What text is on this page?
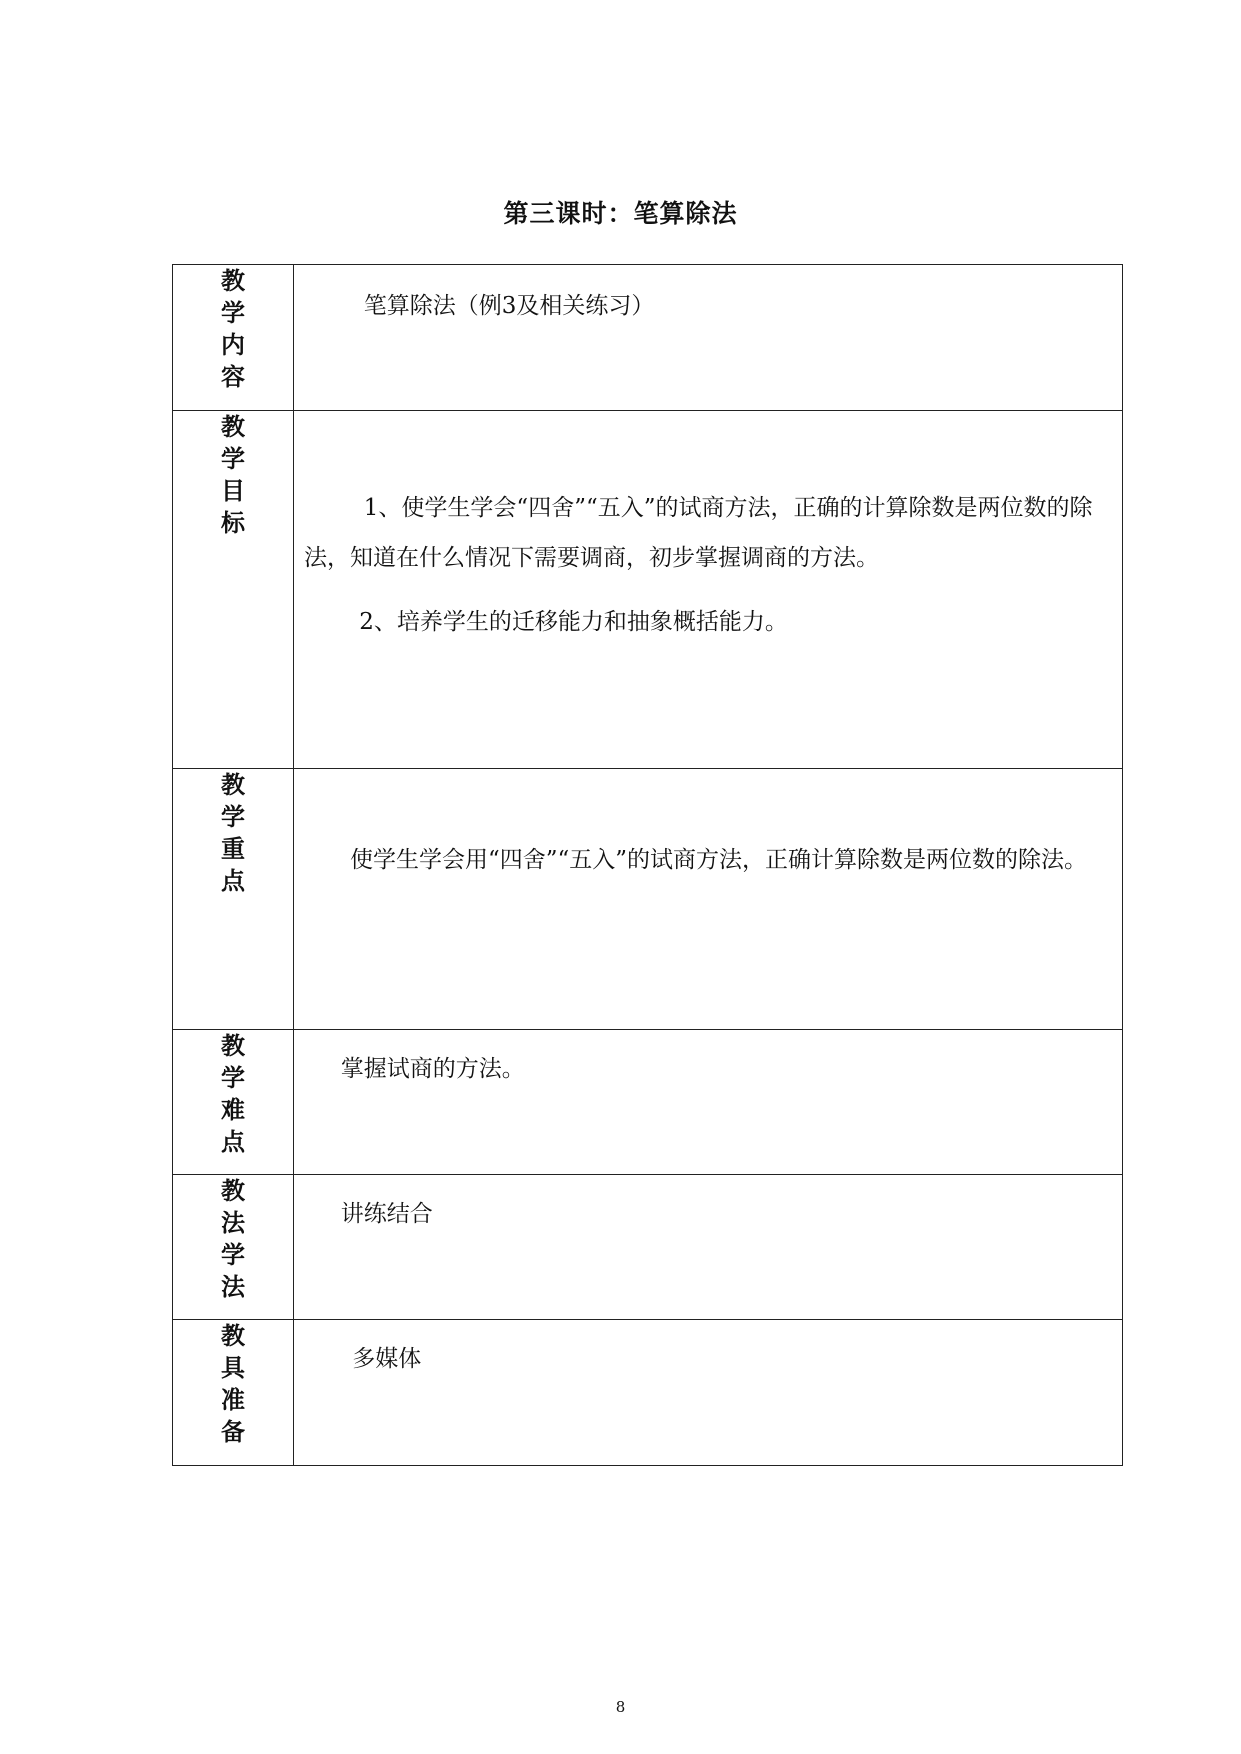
第三课时：笔算除法
教学内容	笔算除法（例3及相关练习）

教学目标	1、使学生学会“四舍”“五入”的试商方法，正确的计算除数是两位数的除法，知道在什么情况下需要调商，初步掌握调商的方法。

2、培养学生的迁移能力和抽象概括能力。

教学重点	使学生学会用“四舍”“五入”的试商方法，正确计算除数是两位数的除法。

教学难点	掌握试商的方法。

教法学法	讲练结合

教具准备	多媒体

8
